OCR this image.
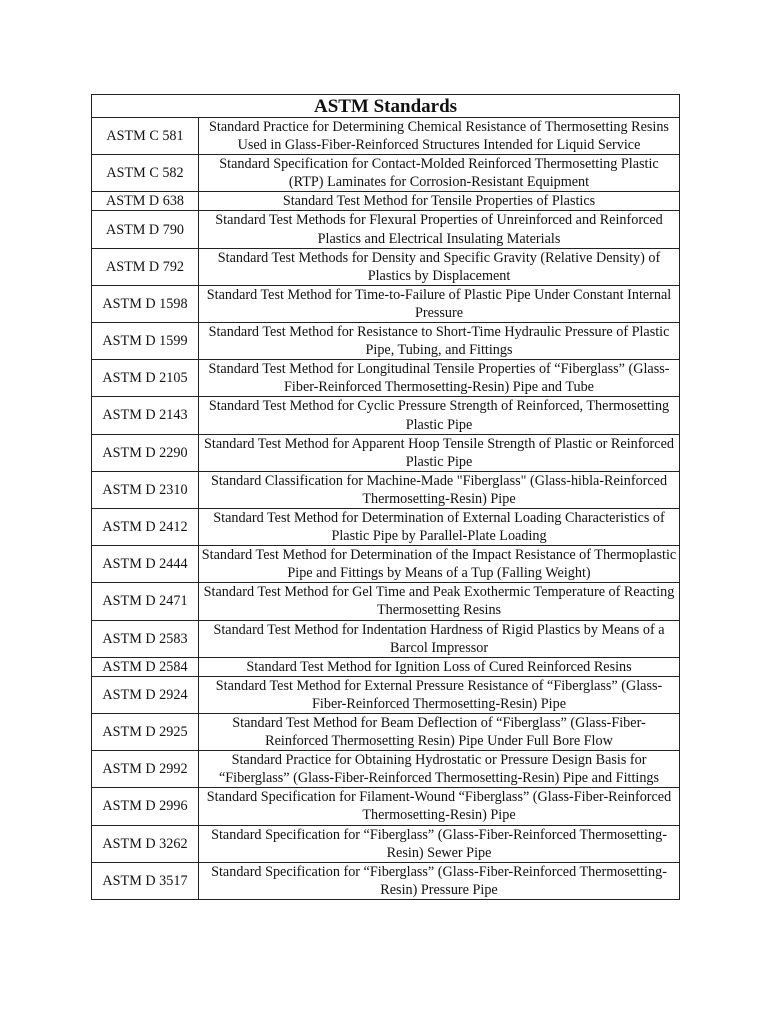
ASTM Standards	
ASTM C 581	Standard Practice for Determining Chemical Resistance of Thermosetting Resins Used in Glass-Fiber-Reinforced Structures Intended for Liquid Service
ASTM C 582	Standard Specification for Contact-Molded Reinforced Thermosetting Plastic (RTP) Laminates for Corrosion-Resistant Equipment
ASTM D 638	Standard Test Method for Tensile Properties of Plastics
ASTM D 790	Standard Test Methods for Flexural Properties of Unreinforced and Reinforced Plastics and Electrical Insulating Materials
ASTM D 792	Standard Test Methods for Density and Specific Gravity (Relative Density) of Plastics by Displacement
ASTM D 1598	Standard Test Method for Time-to-Failure of Plastic Pipe Under Constant Internal Pressure
ASTM D 1599	Standard Test Method for Resistance to Short-Time Hydraulic Pressure of Plastic Pipe, Tubing, and Fittings
ASTM D 2105	Standard Test Method for Longitudinal Tensile Properties of “Fiberglass” (Glass-Fiber-Reinforced Thermosetting-Resin) Pipe and Tube
ASTM D 2143	Standard Test Method for Cyclic Pressure Strength of Reinforced, Thermosetting Plastic Pipe
ASTM D 2290	Standard Test Method for Apparent Hoop Tensile Strength of Plastic or Reinforced Plastic Pipe
ASTM D 2310	Standard Classification for Machine-Made "Fiberglass" (Glass-hibla-Reinforced Thermosetting-Resin) Pipe
ASTM D 2412	Standard Test Method for Determination of External Loading Characteristics of Plastic Pipe by Parallel-Plate Loading
ASTM D 2444	Standard Test Method for Determination of the Impact Resistance of Thermoplastic Pipe and Fittings by Means of a Tup (Falling Weight)
ASTM D 2471	Standard Test Method for Gel Time and Peak Exothermic Temperature of Reacting Thermosetting Resins
ASTM D 2583	Standard Test Method for Indentation Hardness of Rigid Plastics by Means of a Barcol Impressor
ASTM D 2584	Standard Test Method for Ignition Loss of Cured Reinforced Resins
ASTM D 2924	Standard Test Method for External Pressure Resistance of “Fiberglass” (Glass-Fiber-Reinforced Thermosetting-Resin) Pipe
ASTM D 2925	Standard Test Method for Beam Deflection of “Fiberglass” (Glass-Fiber-Reinforced Thermosetting Resin) Pipe Under Full Bore Flow
ASTM D 2992	Standard Practice for Obtaining Hydrostatic or Pressure Design Basis for “Fiberglass” (Glass-Fiber-Reinforced Thermosetting-Resin) Pipe and Fittings
ASTM D 2996	Standard Specification for Filament-Wound “Fiberglass” (Glass-Fiber-Reinforced Thermosetting-Resin) Pipe
ASTM D 3262	Standard Specification for “Fiberglass” (Glass-Fiber-Reinforced Thermosetting-Resin) Sewer Pipe
ASTM D 3517	Standard Specification for “Fiberglass” (Glass-Fiber-Reinforced Thermosetting-Resin) Pressure Pipe
